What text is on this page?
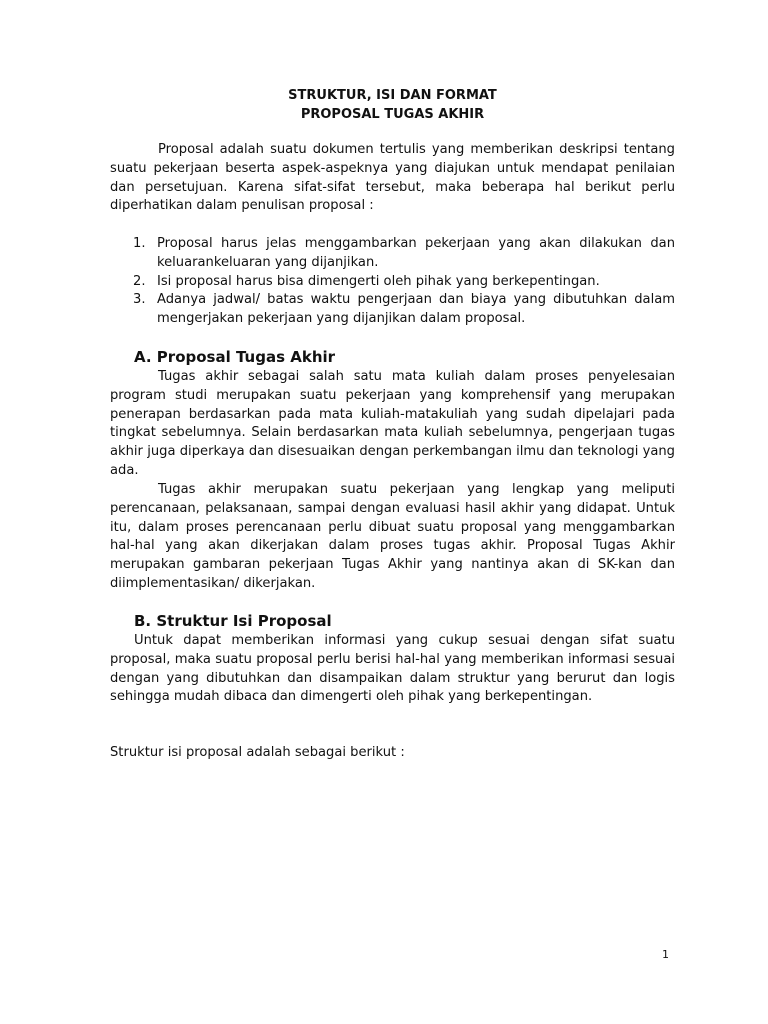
STRUKTUR, ISI DAN FORMAT
PROPOSAL TUGAS AKHIR

Proposal adalah suatu dokumen tertulis yang memberikan deskripsi tentang suatu pekerjaan beserta aspek-aspeknya yang diajukan untuk mendapat penilaian dan persetujuan. Karena sifat-sifat tersebut, maka beberapa hal berikut perlu diperhatikan dalam penulisan proposal :

1. Proposal harus jelas menggambarkan pekerjaan yang akan dilakukan dan keluarankeluaran yang dijanjikan.
2. Isi proposal harus bisa dimengerti oleh pihak yang berkepentingan.
3. Adanya jadwal/ batas waktu pengerjaan dan biaya yang dibutuhkan dalam mengerjakan pekerjaan yang dijanjikan dalam proposal.
A. Proposal Tugas Akhir

Tugas akhir sebagai salah satu mata kuliah dalam proses penyelesaian program studi merupakan suatu pekerjaan yang komprehensif yang merupakan penerapan berdasarkan pada mata kuliah-matakuliah yang sudah dipelajari pada tingkat sebelumnya. Selain berdasarkan mata kuliah sebelumnya, pengerjaan tugas akhir juga diperkaya dan disesuaikan dengan perkembangan ilmu dan teknologi yang ada.

Tugas akhir merupakan suatu pekerjaan yang lengkap yang meliputi perencanaan, pelaksanaan, sampai dengan evaluasi hasil akhir yang didapat. Untuk itu, dalam proses perencanaan perlu dibuat suatu proposal yang menggambarkan hal-hal yang akan dikerjakan dalam proses tugas akhir. Proposal Tugas Akhir merupakan gambaran pekerjaan Tugas Akhir yang nantinya akan di SK-kan dan diimplementasikan/ dikerjakan.

B. Struktur Isi Proposal

Untuk dapat memberikan informasi yang cukup sesuai dengan sifat suatu proposal, maka suatu proposal perlu berisi hal-hal yang memberikan informasi sesuai dengan yang dibutuhkan dan disampaikan dalam struktur yang berurut dan logis sehingga mudah dibaca dan dimengerti oleh pihak yang berkepentingan.

Struktur isi proposal adalah sebagai berikut :

1
